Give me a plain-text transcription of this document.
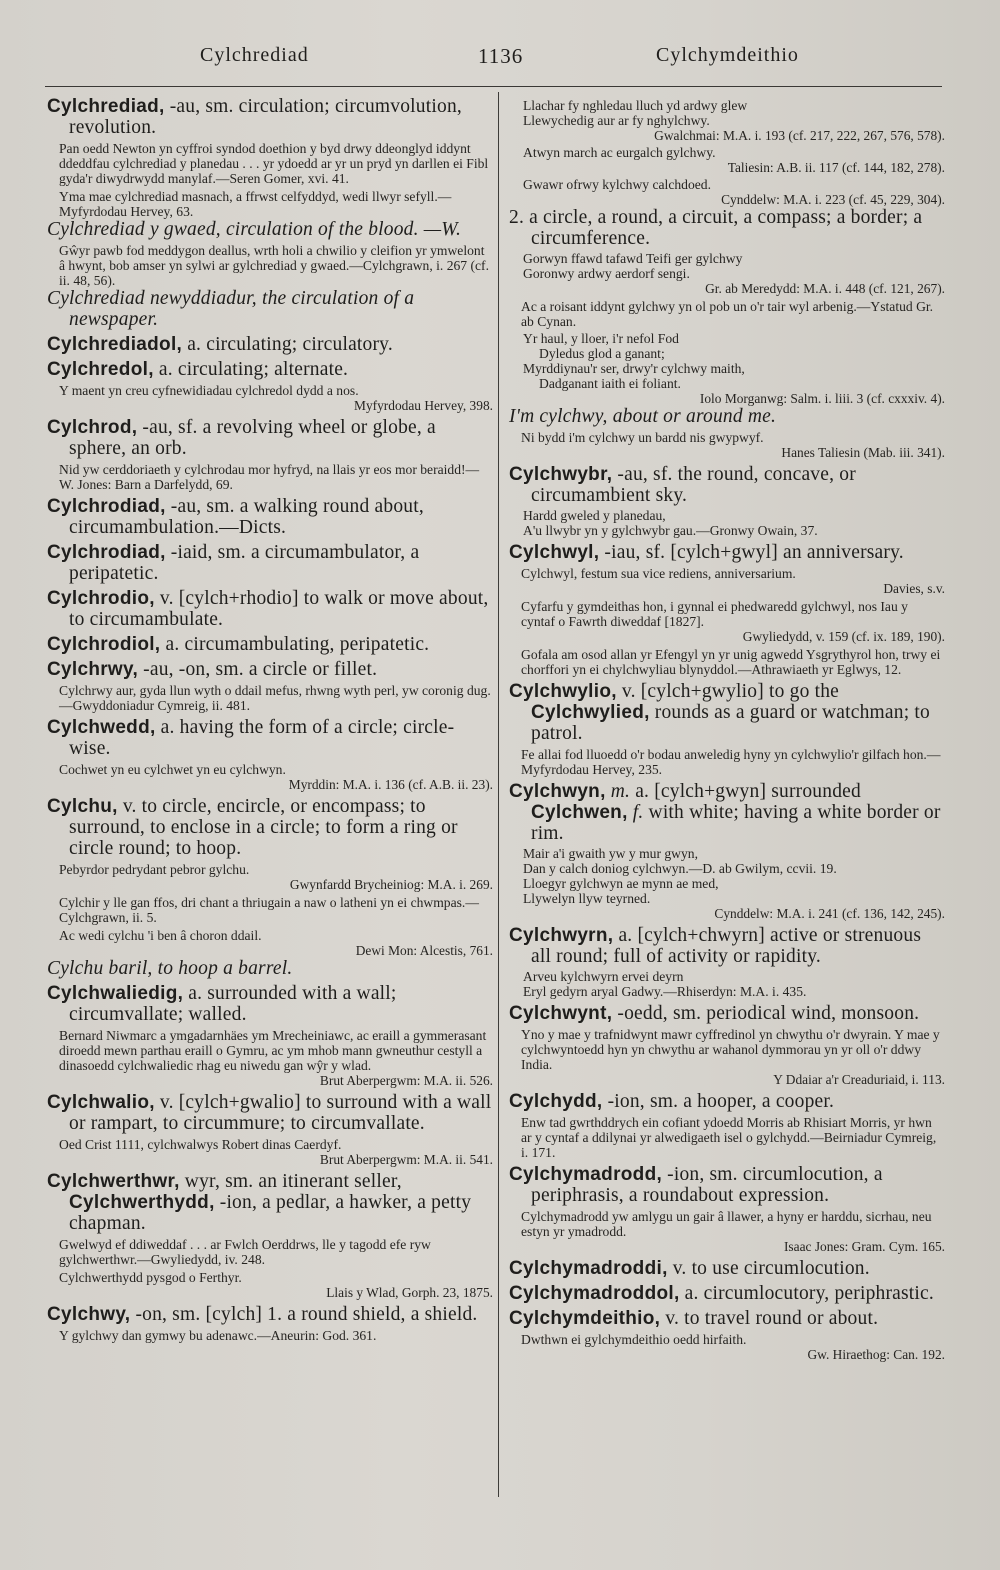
Cylchrediad	1136	Cylchymdeithio

Cylchrediad, -au, sm. circulation; circumvolution, revolution.

Pan oedd Newton yn cyffroi syndod doethion y byd drwy ddeonglyd iddynt ddeddfau cylchrediad y planedau . . . yr ydoedd ar yr un pryd yn darllen ei Fibl gyda'r diwydrwydd manylaf.—Seren Gomer, xvi. 41.

Yma mae cylchrediad masnach, a ffrwst celfyddyd, wedi llwyr sefyll.—Myfyrdodau Hervey, 63.

Cylchrediad y gwaed, circulation of the blood. —W.

Gŵyr pawb fod meddygon deallus, wrth holi a chwilio y cleifion yr ymwelont â hwynt, bob amser yn sylwi ar gylchrediad y gwaed.—Cylchgrawn, i. 267 (cf. ii. 48, 56).

Cylchrediad newyddiadur, the circulation of a newspaper.

Cylchrediadol, a. circulating; circulatory.

Cylchredol, a. circulating; alternate.

Y maent yn creu cyfnewidiadau cylchredol dydd a nos.

Myfyrdodau Hervey, 398.

Cylchrod, -au, sf. a revolving wheel or globe, a sphere, an orb.

Nid yw cerddoriaeth y cylchrodau mor hyfryd, na llais yr eos mor beraidd!—W. Jones: Barn a Darfelydd, 69.

Cylchrodiad, -au, sm. a walking round about, circumambulation.—Dicts.

Cylchrodiad, -iaid, sm. a circumambulator, a peripatetic.

Cylchrodio, v. [cylch+rhodio] to walk or move about, to circumambulate.

Cylchrodiol, a. circumambulating, peripatetic.

Cylchrwy, -au, -on, sm. a circle or fillet.

Cylchrwy aur, gyda llun wyth o ddail mefus, rhwng wyth perl, yw coronig dug.—Gwyddoniadur Cymreig, ii. 481.

Cylchwedd, a. having the form of a circle; circle-wise.

Cochwet yn eu cylchwet yn eu cylchwyn.

Myrddin: M.A. i. 136 (cf. A.B. ii. 23).

Cylchu, v. to circle, encircle, or encompass; to surround, to enclose in a circle; to form a ring or circle round; to hoop.

Pebyrdor pedrydant pebror gylchu.

Gwynfardd Brycheiniog: M.A. i. 269.

Cylchir y lle gan ffos, dri chant a thriugain a naw o latheni yn ei chwmpas.—Cylchgrawn, ii. 5.

Ac wedi cylchu 'i ben â choron ddail.

Dewi Mon: Alcestis, 761.

Cylchu baril, to hoop a barrel.

Cylchwaliedig, a. surrounded with a wall; circumvallate; walled.

Bernard Niwmarc a ymgadarnhäes ym Mrecheiniawc, ac eraill a gymmerasant diroedd mewn parthau eraill o Gymru, ac ym mhob mann gwneuthur cestyll a dinasoedd cylchwaliedic rhag eu niwedu gan wŷr y wlad.

Brut Aberpergwm: M.A. ii. 526.

Cylchwalio, v. [cylch+gwalio] to surround with a wall or rampart, to circummure; to circumvallate.

Oed Crist 1111, cylchwalwys Robert dinas Caerdyf.

Brut Aberpergwm: M.A. ii. 541.

Cylchwerthwr, wyr, sm. an itinerant seller,
Cylchwerthydd, -ion, a pedlar, a hawker, a petty chapman.

Gwelwyd ef ddiweddaf . . . ar Fwlch Oerddrws, lle y tagodd efe ryw gylchwerthwr.—Gwyliedydd, iv. 248.

Cylchwerthydd pysgod o Ferthyr.

Llais y Wlad, Gorph. 23, 1875.

Cylchwy, -on, sm. [cylch] 1. a round shield, a shield.

Y gylchwy dan gymwy bu adenawc.—Aneurin: God. 361.

Llachar fy nghledau lluch yd ardwy glew
Llewychedig aur ar fy nghylchwy.

Gwalchmai: M.A. i. 193 (cf. 217, 222, 267, 576, 578).

Atwyn march ac eurgalch gylchwy.

Taliesin: A.B. ii. 117 (cf. 144, 182, 278).

Gwawr ofrwy kylchwy calchdoed.

Cynddelw: M.A. i. 223 (cf. 45, 229, 304).

2. a circle, a round, a circuit, a compass; a border; a circumference.

Gorwyn ffawd tafawd Teifi ger gylchwy
Goronwy ardwy aerdorf sengi.

Gr. ab Meredydd: M.A. i. 448 (cf. 121, 267).

Ac a roisant iddynt gylchwy yn ol pob un o'r tair wyl arbenig.—Ystatud Gr. ab Cynan.

Yr haul, y lloer, i'r nefol Fod
Dyledus glod a ganant;
Myrddiynau'r ser, drwy'r cylchwy maith,
Dadganant iaith ei foliant.

Iolo Morganwg: Salm. i. liii. 3 (cf. cxxxiv. 4).

I'm cylchwy, about or around me.

Ni bydd i'm cylchwy un bardd nis gwypwyf.

Hanes Taliesin (Mab. iii. 341).

Cylchwybr, -au, sf. the round, concave, or circumambient sky.

Hardd gweled y planedau,
A'u llwybr yn y gylchwybr gau.—Gronwy Owain, 37.

Cylchwyl, -iau, sf. [cylch+gwyl] an anniversary.

Cylchwyl, festum sua vice rediens, anniversarium.

Davies, s.v.

Cyfarfu y gymdeithas hon, i gynnal ei phedwaredd gylchwyl, nos Iau y cyntaf o Fawrth diweddaf [1827].

Gwyliedydd, v. 159 (cf. ix. 189, 190).

Gofala am osod allan yr Efengyl yn yr unig agwedd Ysgrythyrol hon, trwy ei chorffori yn ei chylchwyliau blynyddol.—Athrawiaeth yr Eglwys, 12.

Cylchwylio, v. [cylch+gwylio] to go the
Cylchwylied, rounds as a guard or watchman; to patrol.

Fe allai fod lluoedd o'r bodau anweledig hyny yn cylchwylio'r gilfach hon.—Myfyrdodau Hervey, 235.

Cylchwyn, m. a. [cylch+gwyn] surrounded
Cylchwen, f. with white; having a white border or rim.

Mair a'i gwaith yw y mur gwyn,
Dan y calch doniog cylchwyn.—D. ab Gwilym, ccvii. 19.
Lloegyr gylchwyn ae mynn ae med,
Llywelyn llyw teyrned.

Cynddelw: M.A. i. 241 (cf. 136, 142, 245).

Cylchwyrn, a. [cylch+chwyrn] active or strenuous all round; full of activity or rapidity.

Arveu kylchwyrn ervei deyrn
Eryl gedyrn aryal Gadwy.—Rhiserdyn: M.A. i. 435.

Cylchwynt, -oedd, sm. periodical wind, monsoon.

Yno y mae y trafnidwynt mawr cyffredinol yn chwythu o'r dwyrain. Y mae y cylchwyntoedd hyn yn chwythu ar wahanol dymmorau yn yr oll o'r ddwy India.

Y Ddaiar a'r Creaduriaid, i. 113.

Cylchydd, -ion, sm. a hooper, a cooper.

Enw tad gwrthddrych ein cofiant ydoedd Morris ab Rhisiart Morris, yr hwn ar y cyntaf a ddilynai yr alwedigaeth isel o gylchydd.—Beirniadur Cymreig, i. 171.

Cylchymadrodd, -ion, sm. circumlocution, a periphrasis, a roundabout expression.

Cylchymadrodd yw amlygu un gair â llawer, a hyny er harddu, sicrhau, neu estyn yr ymadrodd.

Isaac Jones: Gram. Cym. 165.

Cylchymadroddi, v. to use circumlocution.

Cylchymadroddol, a. circumlocutory, periphrastic.

Cylchymdeithio, v. to travel round or about.

Dwthwn ei gylchymdeithio oedd hirfaith.

Gw. Hiraethog: Can. 192.
